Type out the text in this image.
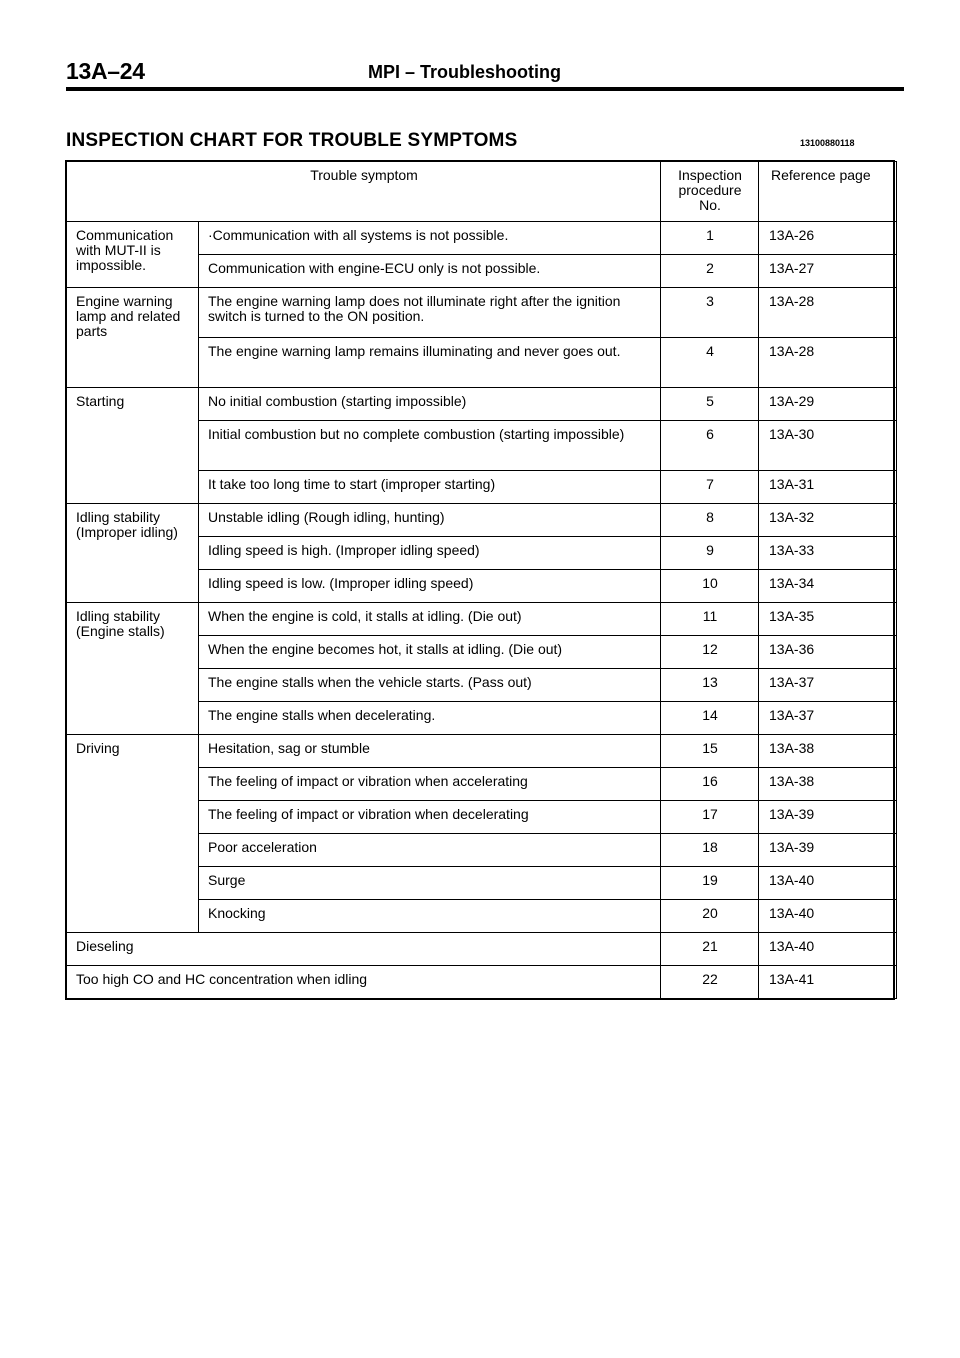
13A–24	MPI – Troubleshooting
INSPECTION CHART FOR TROUBLE SYMPTOMS	13100880118
Trouble symptom		Inspection procedure No.	Reference page
Communication with MUT-II is impossible.	·Communication with all systems is not possible.	1	13A-26
	Communication with engine-ECU only is not possible.	2	13A-27
Engine warning lamp and related parts	The engine warning lamp does not illuminate right after the ignition switch is turned to the ON position.	3	13A-28
	The engine warning lamp remains illuminating and never goes out.	4	13A-28
Starting	No initial combustion (starting impossible)	5	13A-29
	Initial combustion but no complete combustion (starting impossible)	6	13A-30
	It take too long time to start (improper starting)	7	13A-31
Idling stability (Improper idling)	Unstable idling (Rough idling, hunting)	8	13A-32
	Idling speed is high. (Improper idling speed)	9	13A-33
	Idling speed is low. (Improper idling speed)	10	13A-34
Idling stability (Engine stalls)	When the engine is cold, it stalls at idling. (Die out)	11	13A-35
	When the engine becomes hot, it stalls at idling. (Die out)	12	13A-36
	The engine stalls when the vehicle starts. (Pass out)	13	13A-37
	The engine stalls when decelerating.	14	13A-37
Driving	Hesitation, sag or stumble	15	13A-38
	The feeling of impact or vibration when accelerating	16	13A-38
	The feeling of impact or vibration when decelerating	17	13A-39
	Poor acceleration	18	13A-39
	Surge	19	13A-40
	Knocking	20	13A-40
Dieseling		21	13A-40
Too high CO and HC concentration when idling		22	13A-41
